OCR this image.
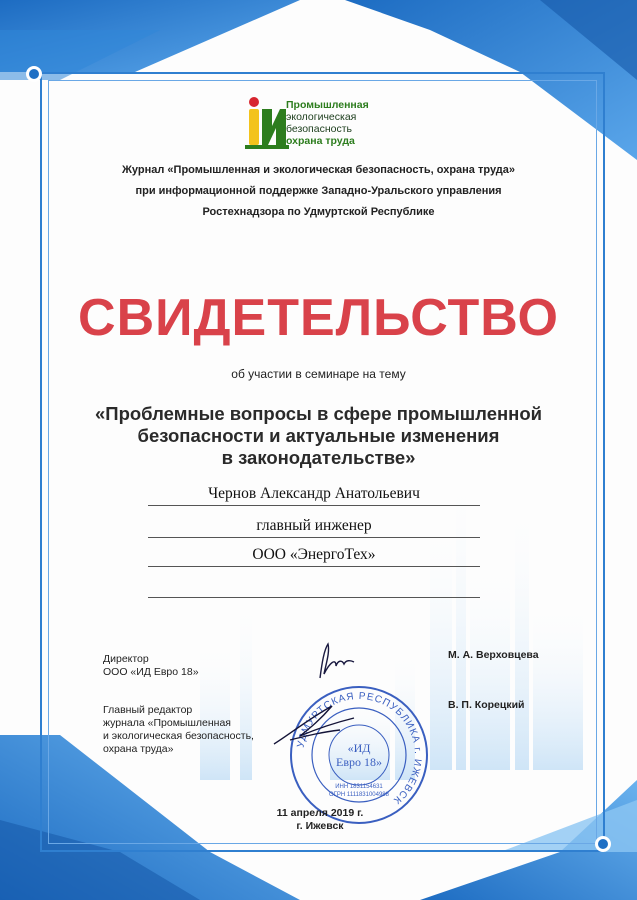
Промышленная
экологическая
безопасность
охрана труда
Журнал «Промышленная и экологическая безопасность, охрана труда»
при информационной поддержке Западно-Уральского управления
Ростехнадзора по Удмуртской Республике
СВИДЕТЕЛЬСТВО
об участии в семинаре на тему
«Проблемные вопросы в сфере промышленной
безопасности и актуальные изменения
в законодательстве»
Чернов Александр Анатольевич
главный инженер
ООО «ЭнергоТех»
Директор
ООО «ИД Евро 18»
М. А. Верховцева
Главный редактор
журнала «Промышленная
и экологическая безопасность,
охрана труда»
В. П. Корецкий
УДМУРТСКАЯ РЕСПУБЛИКА г. ИЖЕВСК
«ИД
Евро 18»
ИНН 1831154631
ОГРН 1111831004988
11 апреля 2019 г.
г. Ижевск
